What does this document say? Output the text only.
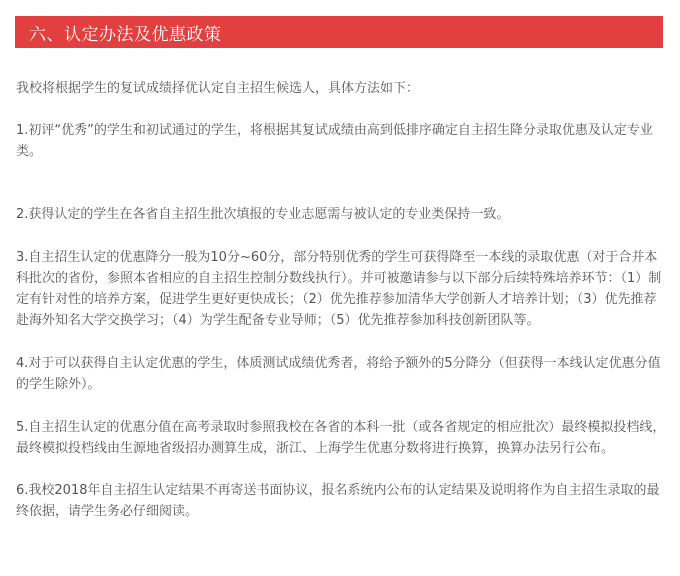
六、认定办法及优惠政策

我校将根据学生的复试成绩择优认定自主招生候选人，具体方法如下：

1.初评“优秀”的学生和初试通过的学生，将根据其复试成绩由高到低排序确定自主招生降分录取优惠及认定专业类。

2.获得认定的学生在各省自主招生批次填报的专业志愿需与被认定的专业类保持一致。

3.自主招生认定的优惠降分一般为10分~60分，部分特别优秀的学生可获得降至一本线的录取优惠（对于合并本科批次的省份，参照本省相应的自主招生控制分数线执行）。并可被邀请参与以下部分后续特殊培养环节：（1）制定有针对性的培养方案，促进学生更好更快成长；（2）优先推荐参加清华大学创新人才培养计划；（3）优先推荐赴海外知名大学交换学习；（4）为学生配备专业导师；（5）优先推荐参加科技创新团队等。

4.对于可以获得自主认定优惠的学生，体质测试成绩优秀者，将给予额外的5分降分（但获得一本线认定优惠分值的学生除外）。

5.自主招生认定的优惠分值在高考录取时参照我校在各省的本科一批（或各省规定的相应批次）最终模拟投档线，最终模拟投档线由生源地省级招办测算生成，浙江、上海学生优惠分数将进行换算，换算办法另行公布。

6.我校2018年自主招生认定结果不再寄送书面协议，报名系统内公布的认定结果及说明将作为自主招生录取的最终依据，请学生务必仔细阅读。
